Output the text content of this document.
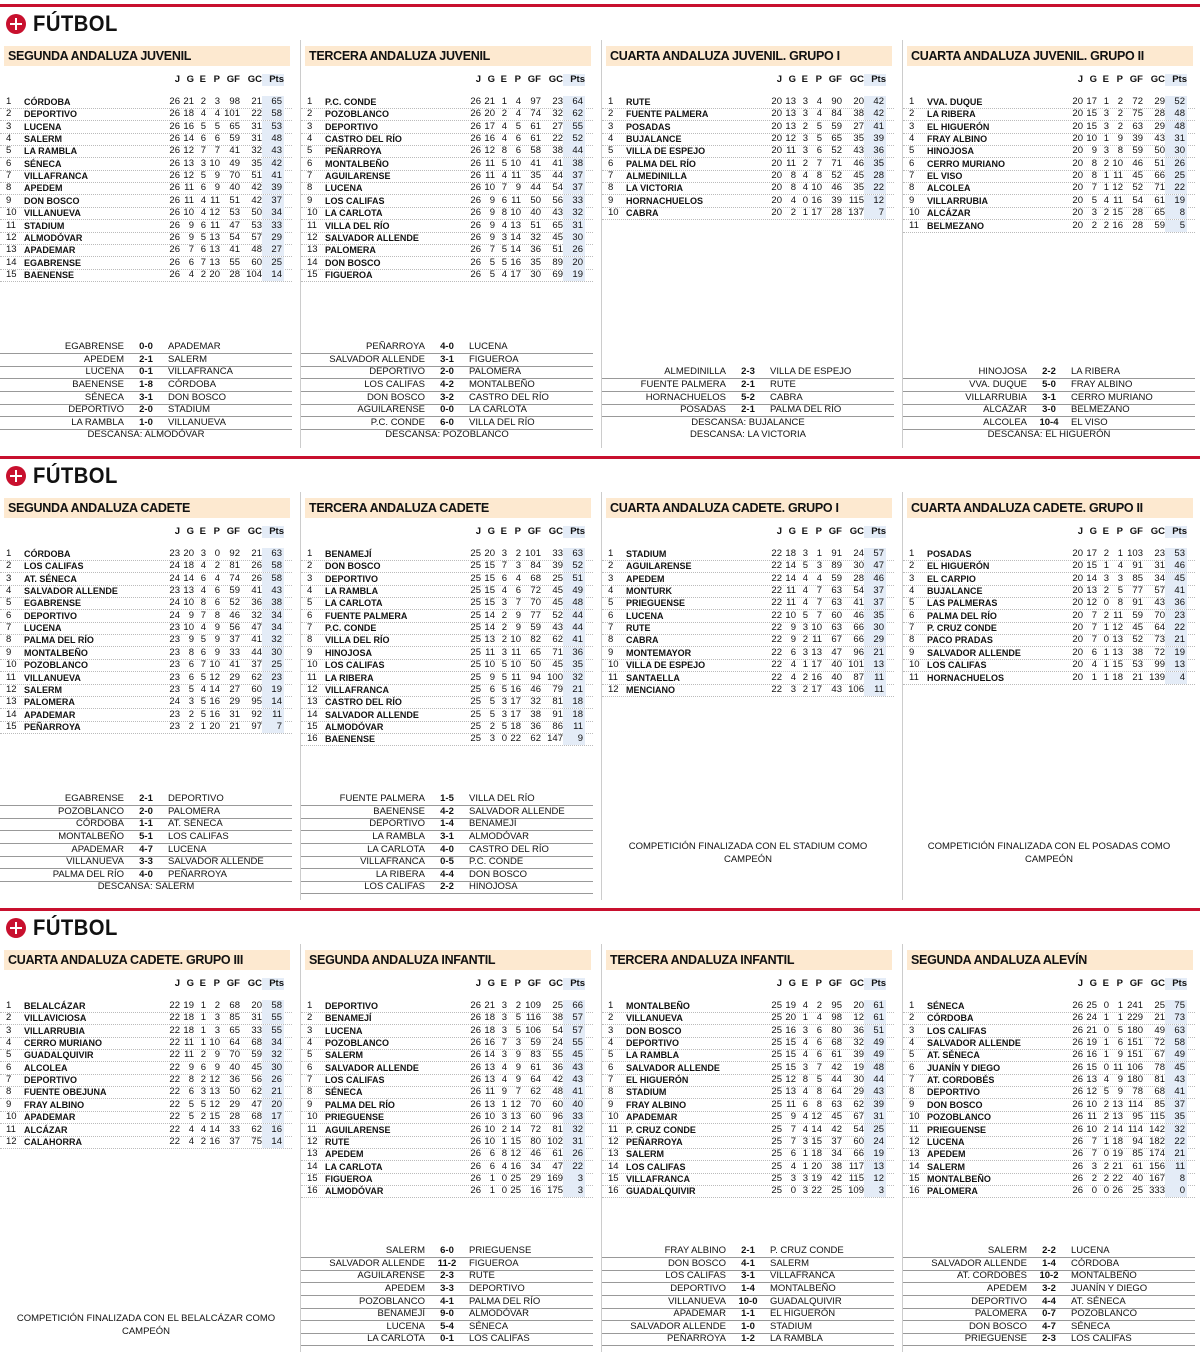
FÚTBOL
SEGUNDA ANDALUZA JUVENIL
J G E P GF GC Pts
1	CÓRDOBA	26 21 2 3 98	21 65
2	DEPORTIVO	26 18 4 4 101	22 58
3	LUCENA	26 16 5 5 65	31 53
4	SALERM	26 14 6 6 59	31 48
5	LA RAMBLA	26 12 7 7 41	32 43
6	SÉNECA	26 13 3 10 49	35 42
7	VILLAFRANCA	26 12 5 9 70	51 41
8	APEDEM	26 11 6 9 40	42 39
9	DON BOSCO	26 11 4 11 51	42 37
10 VILLANUEVA	26 10 4 12 53	50 34
11 STADIUM	26 9 6 11 47	53 33
12 ALMODÓVAR	26 9 5 13 54	57 29
13 APADEMAR	26 7 6 13 41	48 27
14 EGABRENSE	26 6 7 13 55	60 25
15 BAENENSE	26 4 2 20 28 104 14
EGABRENSE	0-0	APADEMAR
APEDEM	2-1	SALERM
LUCENA	0-1	VILLAFRANCA
BAENENSE	1-8	CÓRDOBA
SÉNECA	3-1	DON BOSCO
DEPORTIVO	2-0	STADIUM
LA RAMBLA	1-0	VILLANUEVA
DESCANSA: ALMODÓVAR
TERCERA ANDALUZA JUVENIL
J G E P GF GC Pts
1	P.C. CONDE	26 21 1 4 97	23 64
2	POZOBLANCO	26 20 2 4 74	32 62
3	DEPORTIVO	26 17 4 5 61	27 55
4	CASTRO DEL RÍO	26 16 4 6 61	22 52
5	PEÑARROYA	26 12 8 6 58	38 44
6	MONTALBEÑO	26 11 5 10 41	41 38
7	AGUILARENSE	26 11 4 11 35	44 37
8	LUCENA	26 10 7 9 44	54 37
9	LOS CALIFAS	26 9 6 11 50	56 33
10 LA CARLOTA	26 9 8 10 40	43 32
11 VILLA DEL RÍO	26 9 4 13 51	65 31
12 SALVADOR ALLENDE	26 9 3 14 32	45 30
13 PALOMERA	26 7 5 14 36	51 26
14 DON BOSCO	26 5 5 16 35	89 20
15 FIGUEROA	26 5 4 17 30	69 19
PEÑARROYA	4-0	LUCENA
SALVADOR ALLENDE	3-1	FIGUEROA
DEPORTIVO	2-0	PALOMERA
LOS CALIFAS	4-2	MONTALBEÑO
DON BOSCO	3-2	CASTRO DEL RÍO
AGUILARENSE	0-0	LA CARLOTA
P.C. CONDE	6-0	VILLA DEL RÍO
DESCANSA: POZOBLANCO
CUARTA ANDALUZA JUVENIL. GRUPO I
J G E P GF GC Pts
1	RUTE	20 13 3 4 90	20 42
2	FUENTE PALMERA	20 13 3 4 84	38 42
3	POSADAS	20 13 2 5 59	27 41
4	BUJALANCE	20 12 3 5 65	35 39
5	VILLA DE ESPEJO	20 11 3 6 52	43 36
6	PALMA DEL RÍO	20 11 2 7 71	46 35
7	ALMEDINILLA	20 8 4 8 52	45 28
8	LA VICTORIA	20 8 4 10 46	35 22
9	HORNACHUELOS	20 4 0 16 39 115 12
10 CABRA	20 2 1 17 28 137	7
ALMEDINILLA	2-3	VILLA DE ESPEJO
FUENTE PALMERA	2-1	RUTE
HORNACHUELOS	5-2	CABRA
POSADAS	2-1	PALMA DEL RÍO
DESCANSA: BUJALANCE
DESCANSA: LA VICTORIA
CUARTA ANDALUZA JUVENIL. GRUPO II
J G E P GF GC Pts
1	VVA. DUQUE	20 17 1 2 72	29 52
2	LA RIBERA	20 15 3 2 75	28 48
3	EL HIGUERÓN	20 15 3 2 63	29 48
4	FRAY ALBINO	20 10 1 9 39	43 31
5	HINOJOSA	20 9 3 8 59	50 30
6	CERRO MURIANO	20 8 2 10 46	51 26
7	EL VISO	20 8 1 11 45	66 25
8	ALCOLEA	20 7 1 12 52	71 22
9	VILLARRUBIA	20 5 4 11 54	61 19
10 ALCÁZAR	20 3 2 15 28	65	8
11 BELMEZANO	20 2 2 16 28	59	5
HINOJOSA	2-2	LA RIBERA
VVA. DUQUE	5-0	FRAY ALBINO
VILLARRUBIA	3-1	CERRO MURIANO
ALCÁZAR	3-0	BELMEZANO
ALCOLEA	10-4	EL VISO
DESCANSA: EL HIGUERÓN
FÚTBOL
SEGUNDA ANDALUZA CADETE
J G E P GF GC Pts
1	CÓRDOBA	23 20 3 0 92	21 63
2	LOS CALIFAS	24 18 4 2 81	26 58
3	AT. SÉNECA	24 14 6 4 74	26 58
4	SALVADOR ALLENDE	23 13 4 6 59	41 43
5	EGABRENSE	24 10 8 6 52	36 38
6	DEPORTIVO	24 9 7 8 46	32 34
7	LUCENA	23 10 4 9 56	47 34
8	PALMA DEL RÍO	23 9 5 9 37	41 32
9	MONTALBEÑO	23 8 6 9 33	44 30
10 POZOBLANCO	23 6 7 10 41	37 25
11 VILLANUEVA	23 6 5 12 29	62 23
12 SALERM	23 5 4 14 27	60 19
13 PALOMERA	24 3 5 16 29	95 14
14 APADEMAR	23 2 5 16 31	92	11
15 PEÑARROYA	23 2 1 20 21	97	7
EGABRENSE	2-1	DEPORTIVO
POZOBLANCO	2-0	PALOMERA
CÓRDOBA	1-1	AT. SÉNECA
MONTALBEÑO	5-1	LOS CALIFAS
APADEMAR	4-7	LUCENA
VILLANUEVA	3-3	SALVADOR ALLENDE
PALMA DEL RÍO	4-0	PEÑARROYA
DESCANSA: SALERM
TERCERA ANDALUZA CADETE
J G E P GF GC Pts
1	BENAMEJÍ	25 20 3 2 101	33 63
2	DON BOSCO	25 15 7 3 84	39 52
3	DEPORTIVO	25 15 6 4 68	25 51
4	LA RAMBLA	25 15 4 6 72	45 49
5	LA CARLOTA	25 15 3 7 70	45 48
6	FUENTE PALMERA	25 14 2 9 77	52 44
7	P.C. CONDE	25 14 2 9 59	43 44
8	VILLA DEL RÍO	25 13 2 10 82	62 41
9	HINOJOSA	25 11 3 11 65	71 36
10 LOS CALIFAS	25 10 5 10 50	45 35
11 LA RIBERA	25 9 5 11 94 100 32
12 VILLAFRANCA	25 6 5 16 46	79 21
13 CASTRO DEL RÍO	25 5 3 17 32	81 18
14 SALVADOR ALLENDE	25 5 3 17 38	91 18
15 ALMODÓVAR	25 2 5 18 36	86	11
16 BAENENSE	25 3 0 22 62 147	9
FUENTE PALMERA	1-5	VILLA DEL RÍO
BAENENSE	4-2	SALVADOR ALLENDE
DEPORTIVO	1-4	BENAMEJÍ
LA RAMBLA	3-1	ALMODÓVAR
LA CARLOTA	4-0	CASTRO DEL RÍO
VILLAFRANCA	0-5	P.C. CONDE
LA RIBERA	4-4	DON BOSCO
LOS CALIFAS	2-2	HINOJOSA
CUARTA ANDALUZA CADETE. GRUPO I
J G E P GF GC Pts
1	STADIUM	22 18 3 1 91	24 57
2	AGUILARENSE	22 14 5 3 89	30 47
3	APEDEM	22 14 4 4 59	28 46
4	MONTURK	22 11 4 7 63	54 37
5	PRIEGUENSE	22 11 4 7 63	41 37
6	LUCENA	22 10 5 7 60	46 35
7	RUTE	22 9 3 10 63	66 30
8	CABRA	22 9 2 11 67	66 29
9	MONTEMAYOR	22 6 3 13 47	96 21
10 VILLA DE ESPEJO	22 4 1 17 40 101 13
11 SANTAELLA	22 4 2 16 40	87	11
12 MENCIANO	22 3 2 17 43 106	11
COMPETICIÓN FINALIZADA CON EL STADIUM COMO CAMPEÓN
CUARTA ANDALUZA CADETE. GRUPO II
J G E P GF GC Pts
1	POSADAS	20 17 2 1 103	23 53
2	EL HIGUERÓN	20 15 1 4 91	31 46
3	EL CARPIO	20 14 3 3 85	34 45
4	BUJALANCE	20 13 2 5 77	57 41
5	LAS PALMERAS	20 12 0 8 91	43 36
6	PALMA DEL RÍO	20 7 2 11 59	70 23
7	P. CRUZ CONDE	20 7 1 12 45	64 22
8	PACO PRADAS	20 7 0 13 52	73 21
9	SALVADOR ALLENDE	20 6 1 13 38	72 19
10 LOS CALIFAS	20 4 1 15 53	99 13
11 HORNACHUELOS	20 1 1 18 21 139	4
COMPETICIÓN FINALIZADA CON EL POSADAS COMO CAMPEÓN
FÚTBOL
CUARTA ANDALUZA CADETE. GRUPO III
J G E P GF GC Pts
1	BELALCÁZAR	22 19 1 2 68	20 58
2	VILLAVICIOSA	22 18 1 3 85	31 55
3	VILLARRUBIA	22 18 1 3 65	33 55
4	CERRO MURIANO	22 11 1 10 64	68 34
5	GUADALQUIVIR	22 11 2 9 70	59 32
6	ALCOLEA	22 9 6 9 40	45 30
7	DEPORTIVO	22 8 2 12 36	56 26
8	FUENTE OBEJUNA	22 6 3 13 50	62 21
9	FRAY ALBINO	22 5 5 12 29	47 20
10 APADEMAR	22 5 2 15 28	68 17
11 ALCÁZAR	22 4 4 14 33	62 16
12 CALAHORRA	22 4 2 16 37	75 14
COMPETICIÓN FINALIZADA CON EL BELALCÁZAR COMO CAMPEÓN
SEGUNDA ANDALUZA INFANTIL
J G E P GF GC Pts
1	DEPORTIVO	26 21 3 2 109	25 66
2	BENAMEJÍ	26 18 3 5 116	38 57
3	LUCENA	26 18 3 5 106	54 57
4	POZOBLANCO	26 16 7 3 59	24 55
5	SALERM	26 14 3 9 83	55 45
6	SALVADOR ALLENDE	26 13 4 9 61	36 43
7	LOS CALIFAS	26 13 4 9 64	42 43
8	SÉNECA	26 11 9 7 62	48 41
9	PALMA DEL RÍO	26 13 1 12 70	60 40
10 PRIEGUENSE	26 10 3 13 60	96 33
11 AGUILARENSE	26 10 2 14 72	81 32
12 RUTE	26 10 1 15 80 102 31
13 APEDEM	26 6 8 12 46	61 26
14 LA CARLOTA	26 6 4 16 34	47 22
15 FIGUEROA	26 1 0 25 29 169	3
16 ALMODÓVAR	26 1 0 25 16 175	3
SALERM	6-0	PRIEGUENSE
SALVADOR ALLENDE	11-2	FIGUEROA
AGUILARENSE	2-3	RUTE
APEDEM	3-3	DEPORTIVO
POZOBLANCO	4-1	PALMA DEL RÍO
BENAMEJÍ	9-0	ALMODÓVAR
LUCENA	5-4	SÉNECA
LA CARLOTA	0-1	LOS CALIFAS
TERCERA ANDALUZA INFANTIL
J G E P GF GC Pts
1	MONTALBEÑO	25 19 4 2 95	20 61
2	VILLANUEVA	25 20 1 4 98	12 61
3	DON BOSCO	25 16 3 6 80	36 51
4	DEPORTIVO	25 15 4 6 68	32 49
5	LA RAMBLA	25 15 4 6 61	39 49
6	SALVADOR ALLENDE	25 15 3 7 42	19 48
7	EL HIGUERÓN	25 12 8 5 44	30 44
8	STADIUM	25 13 4 8 64	29 43
9	FRAY ALBINO	25 11 6 8 63	62 39
10 APADEMAR	25 9 4 12 45	67 31
11 P. CRUZ CONDE	25 7 4 14 42	54 25
12 PEÑARROYA	25 7 3 15 37	60 24
13 SALERM	25 6 1 18 34	66 19
14 LOS CALIFAS	25 4 1 20 38 117 13
15 VILLAFRANCA	25 3 3 19 42 115 12
16 GUADALQUIVIR	25 0 3 22 25 109	3
FRAY ALBINO	2-1	P. CRUZ CONDE
DON BOSCO	4-1	SALERM
LOS CALIFAS	3-1	VILLAFRANCA
DEPORTIVO	1-4	MONTALBEÑO
VILLANUEVA	10-0	GUADALQUIVIR
APADEMAR	1-1	EL HIGUERÓN
SALVADOR ALLENDE	1-0	STADIUM
PEÑARROYA	1-2	LA RAMBLA
SEGUNDA ANDALUZA ALEVÍN
J G E P GF GC Pts
1	SÉNECA	26 25 0 1 241	25 75
2	CÓRDOBA	26 24 1 1 229	21 73
3	LOS CALIFAS	26 21 0 5 180	49 63
4	SALVADOR ALLENDE	26 19 1 6 151	72 58
5	AT. SÉNECA	26 16 1 9 151	67 49
6	JUANÍN Y DIEGO	26 15 0 11 106	78 45
7	AT. CORDOBÉS	26 13 4 9 180	81 43
8	DEPORTIVO	26 12 5 9 78	68 41
9	DON BOSCO	26 10 2 13 114	85 37
10 POZOBLANCO	26 11 2 13 95 115 35
11 PRIEGUENSE	26 10 2 14 114 142 32
12 LUCENA	26 7 1 18 94 182 22
13 APEDEM	26 7 0 19 85 174 21
14 SALERM	26 3 2 21 61 156	11
15 MONTALBEÑO	26 2 2 22 40 167	8
16 PALOMERA	26 0 0 26 25 333	0
SALERM	2-2	LUCENA
SALVADOR ALLENDE	1-4	CÓRDOBA
AT. CORDOBÉS	10-2	MONTALBEÑO
APEDEM	3-2	JUANÍN Y DIEGO
DEPORTIVO	4-4	AT. SÉNECA
PALOMERA	0-7	POZOBLANCO
DON BOSCO	4-7	SÉNECA
PRIEGUENSE	2-3	LOS CALIFAS
